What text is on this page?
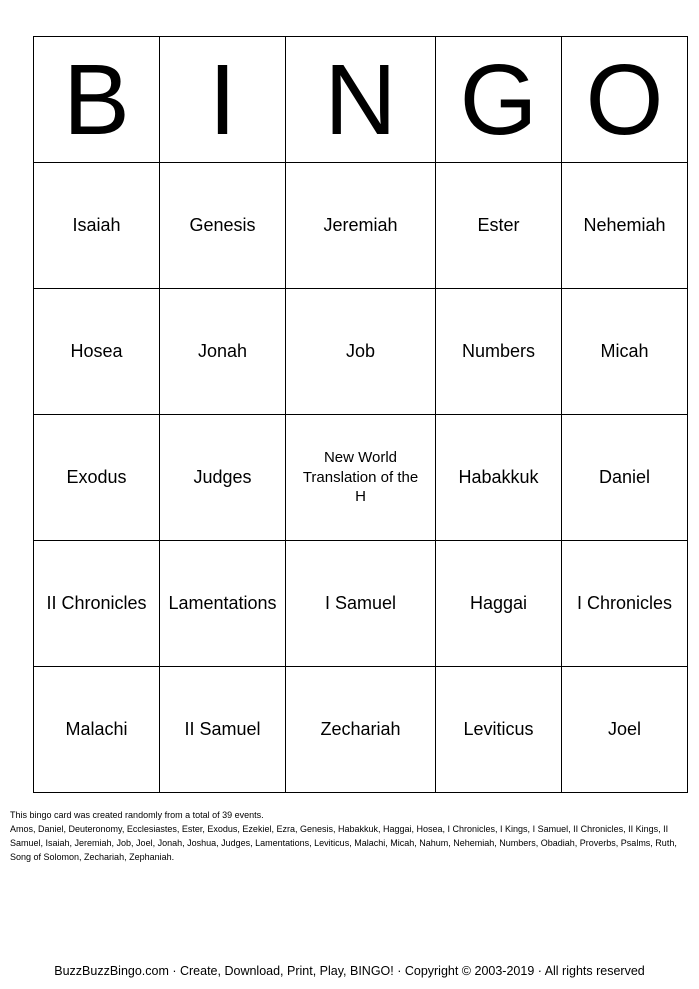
B	I	N	G	O
Isaiah	Genesis	Jeremiah	Ester	Nehemiah
Hosea	Jonah	Job	Numbers	Micah
Exodus	Judges	New World Translation of the H	Habakkuk	Daniel
II Chronicles	Lamentations	I Samuel	Haggai	I Chronicles
Malachi	II Samuel	Zechariah	Leviticus	Joel

This bingo card was created randomly from a total of 39 events.

Amos, Daniel, Deuteronomy, Ecclesiastes, Ester, Exodus, Ezekiel, Ezra, Genesis, Habakkuk, Haggai, Hosea, I Chronicles, I Kings, I Samuel, II Chronicles, II Kings, II Samuel, Isaiah, Jeremiah, Job, Joel, Jonah, Joshua, Judges, Lamentations, Leviticus, Malachi, Micah, Nahum, Nehemiah, Numbers, Obadiah, Proverbs, Psalms, Ruth, Song of Solomon, Zechariah, Zephaniah.

BuzzBuzzBingo.com · Create, Download, Print, Play, BINGO! · Copyright © 2003-2019 · All rights reserved
